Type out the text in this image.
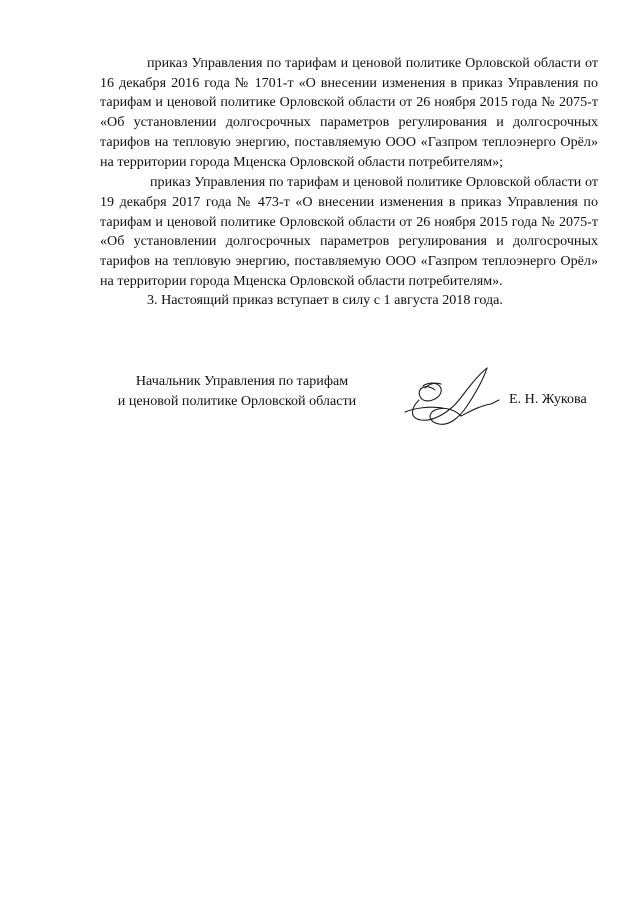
приказ Управления по тарифам и ценовой политике Орловской области от 16 декабря 2016 года № 1701-т «О внесении изменения в приказ Управления по тарифам и ценовой политике Орловской области от 26 ноября 2015 года № 2075-т «Об установлении долгосрочных параметров регулирования и долгосрочных тарифов на тепловую энергию, поставляемую ООО «Газпром теплоэнерго Орёл» на территории города Мценска Орловской области потребителям»;

приказ Управления по тарифам и ценовой политике Орловской области от 19 декабря 2017 года № 473-т «О внесении изменения в приказ Управления по тарифам и ценовой политике Орловской области от 26 ноября 2015 года № 2075-т «Об установлении долгосрочных параметров регулирования и долгосрочных тарифов на тепловую энергию, поставляемую ООО «Газпром теплоэнерго Орёл» на территории города Мценска Орловской области потребителям».

3. Настоящий приказ вступает в силу с 1 августа 2018 года.

Начальник Управления по тарифам
и ценовой политике Орловской области	Е. Н. Жукова
